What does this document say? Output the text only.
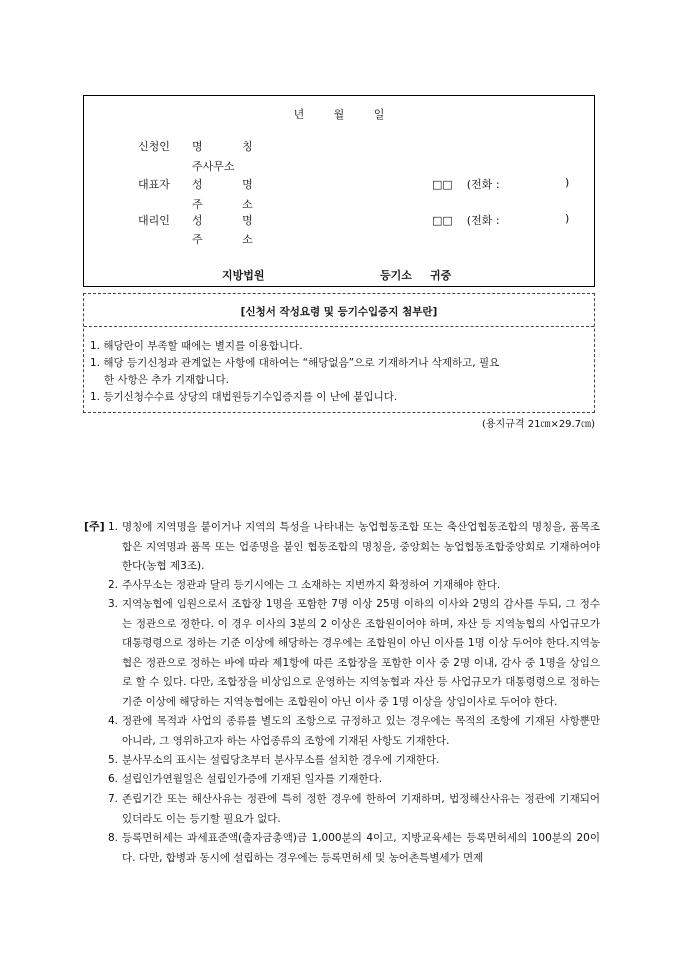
년 월 일
신청인 명 칭
주사무소
대표자 성 명
주 소
□□ (전화 :	)
대리인 성 명
주 소
□□ (전화 :	)
지방법원	등기소 귀중
[신청서 작성요령 및 등기수입증지 첨부란]
1. 해당란이 부족할 때에는 별지를 이용합니다.
1. 해당 등기신청과 관계없는 사항에 대하여는 “해당없음”으로 기재하거나 삭제하고, 필요
한 사항은 추가 기재합니다.
1. 등기신청수수료 상당의 대법원등기수입증지를 이 난에 붙입니다.
(용지규격 21㎝×29.7㎝)
[주] 1. 명칭에 지역명을 붙이거나 지역의 특성을 나타내는 농업협동조합 또는 축산업협동조합의 명칭을, 품목조합은 지역명과 품목 또는 업종명을 붙인 협동조합의 명칭을, 중앙회는 농업협동조합중앙회로 기재하여야 한다(농협 제3조).
2. 주사무소는 정관과 달리 등기시에는 그 소재하는 지번까지 확정하여 기재해야 한다.
3. 지역농협에 임원으로서 조합장 1명을 포함한 7명 이상 25명 이하의 이사와 2명의 감사를 두되, 그 정수는 정관으로 정한다. 이 경우 이사의 3분의 2 이상은 조합원이어야 하며, 자산 등 지역농협의 사업규모가 대통령령으로 정하는 기준 이상에 해당하는 경우에는 조합원이 아닌 이사를 1명 이상 두어야 한다.지역농협은 정관으로 정하는 바에 따라 제1항에 따른 조합장을 포함한 이사 중 2명 이내, 감사 중 1명을 상임으로 할 수 있다. 다만, 조합장을 비상임으로 운영하는 지역농협과 자산 등 사업규모가 대통령령으로 정하는 기준 이상에 해당하는 지역농협에는 조합원이 아닌 이사 중 1명 이상을 상임이사로 두어야 한다.
4. 정관에 목적과 사업의 종류를 별도의 조항으로 규정하고 있는 경우에는 목적의 조항에 기재된 사항뿐만 아니라, 그 영위하고자 하는 사업종류의 조항에 기재된 사항도 기재한다.
5. 분사무소의 표시는 설립당초부터 분사무소를 설치한 경우에 기재한다.
6. 설립인가연월일은 설립인가증에 기재된 일자를 기재한다.
7. 존립기간 또는 해산사유는 정관에 특히 정한 경우에 한하여 기재하며, 법정해산사유는 정관에 기재되어 있더라도 이는 등기할 필요가 없다.
8. 등록면허세는 과세표준액(출자금총액)금 1,000분의 4이고, 지방교육세는 등록면허세의 100분의 20이다. 다만, 합병과 동시에 설립하는 경우에는 등록면허세 및 농어촌특별세가 면제
